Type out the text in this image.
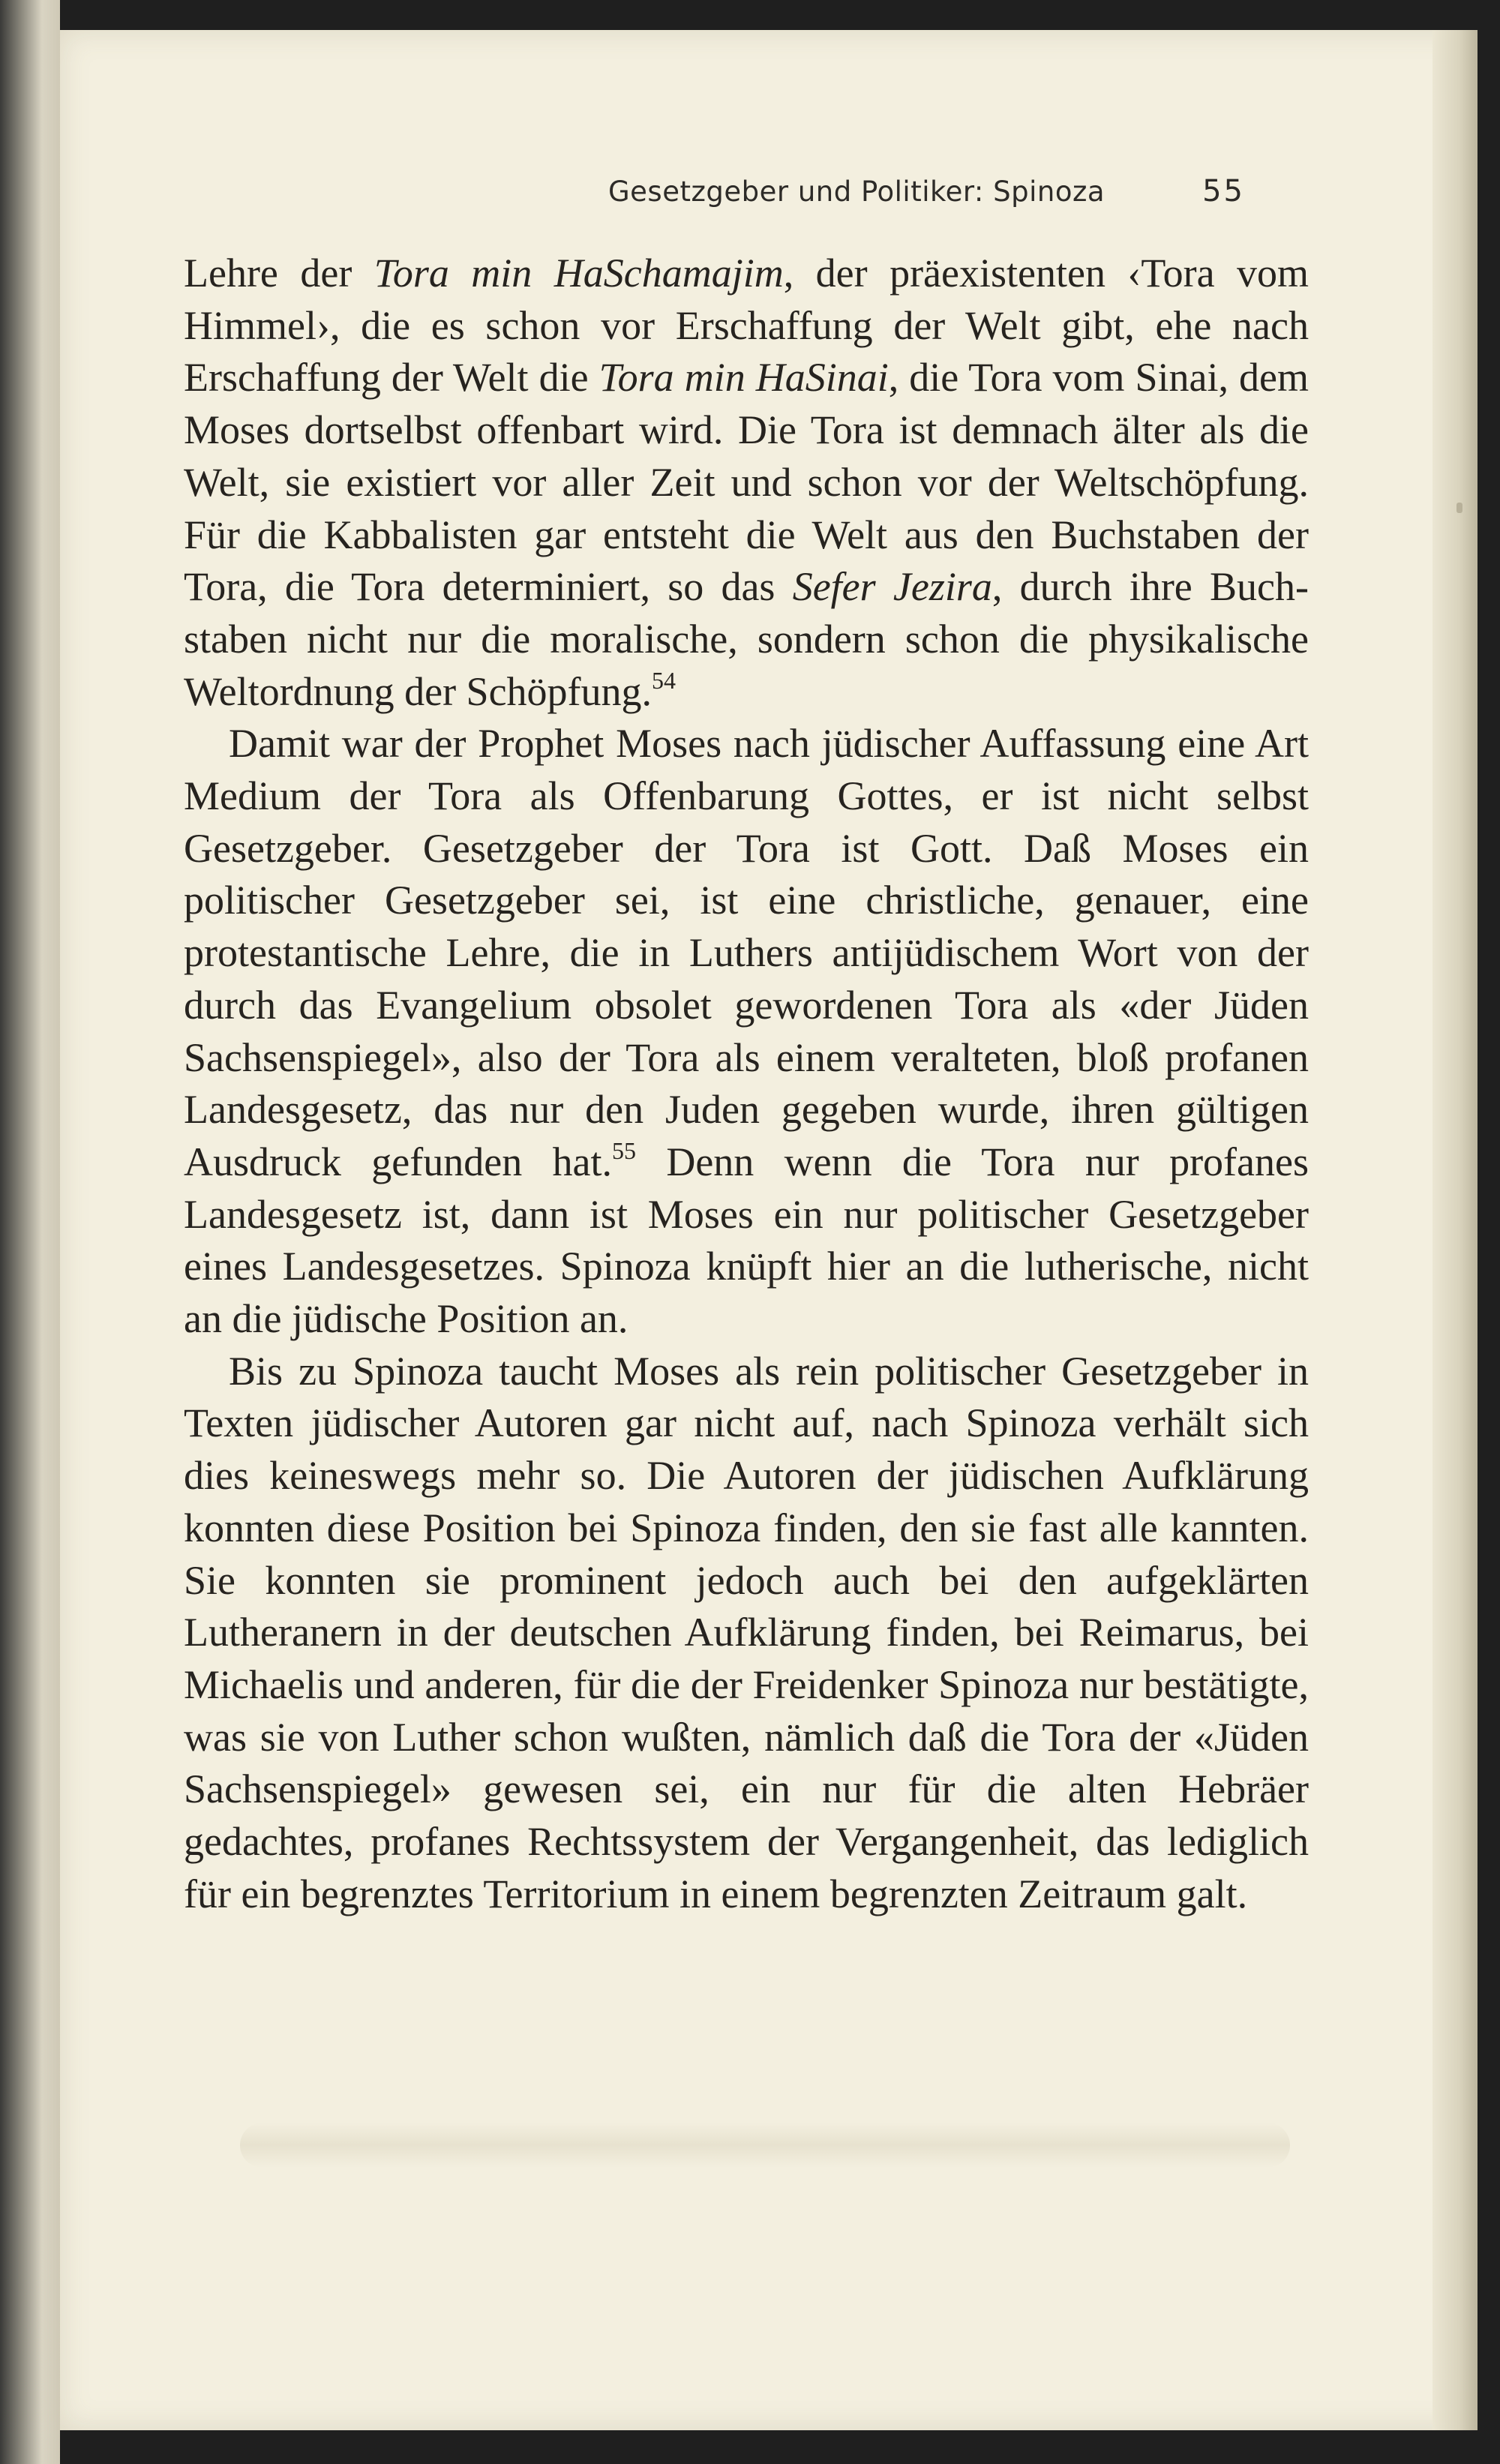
Gesetzgeber und Politiker: Spinoza	55

Lehre der Tora min HaSchamajim, der präexistenten ‹Tora vom Himmel›, die es schon vor Erschaffung der Welt gibt, ehe nach Erschaffung der Welt die Tora min HaSinai, die Tora vom Sinai, dem Moses dortselbst offenbart wird. Die Tora ist demnach älter als die Welt, sie existiert vor aller Zeit und schon vor der Weltschöpfung. Für die Kabbalisten gar entsteht die Welt aus den Buchstaben der Tora, die Tora determiniert, so das Sefer Jezira, durch ihre Buchstaben nicht nur die moralische, sondern schon die physikalische Weltordnung der Schöpfung.$^{54}$

Damit war der Prophet Moses nach jüdischer Auffassung eine Art Medium der Tora als Offenbarung Gottes, er ist nicht selbst Gesetzgeber. Gesetzgeber der Tora ist Gott. Daß Moses ein politischer Gesetzgeber sei, ist eine christliche, genauer, eine protestantische Lehre, die in Luthers antijüdischem Wort von der durch das Evangelium obsolet gewordenen Tora als «der Jüden Sachsenspiegel», also der Tora als einem veralteten, bloß profanen Landesgesetz, das nur den Juden gegeben wurde, ihren gültigen Ausdruck gefunden hat.$^{55}$ Denn wenn die Tora nur profanes Landesgesetz ist, dann ist Moses ein nur politischer Gesetzgeber eines Landesgesetzes. Spinoza knüpft hier an die lutherische, nicht an die jüdische Position an.

Bis zu Spinoza taucht Moses als rein politischer Gesetzgeber in Texten jüdischer Autoren gar nicht auf, nach Spinoza verhält sich dies keineswegs mehr so. Die Autoren der jüdischen Aufklärung konnten diese Position bei Spinoza finden, den sie fast alle kannten. Sie konnten sie prominent jedoch auch bei den aufgeklärten Lutheranern in der deutschen Aufklärung finden, bei Reimarus, bei Michaelis und anderen, für die der Freidenker Spinoza nur bestätigte, was sie von Luther schon wußten, nämlich daß die Tora der «Jüden Sachsenspiegel» gewesen sei, ein nur für die alten Hebräer gedachtes, profanes Rechtssystem der Vergangenheit, das lediglich für ein begrenztes Territorium in einem begrenzten Zeitraum galt.
